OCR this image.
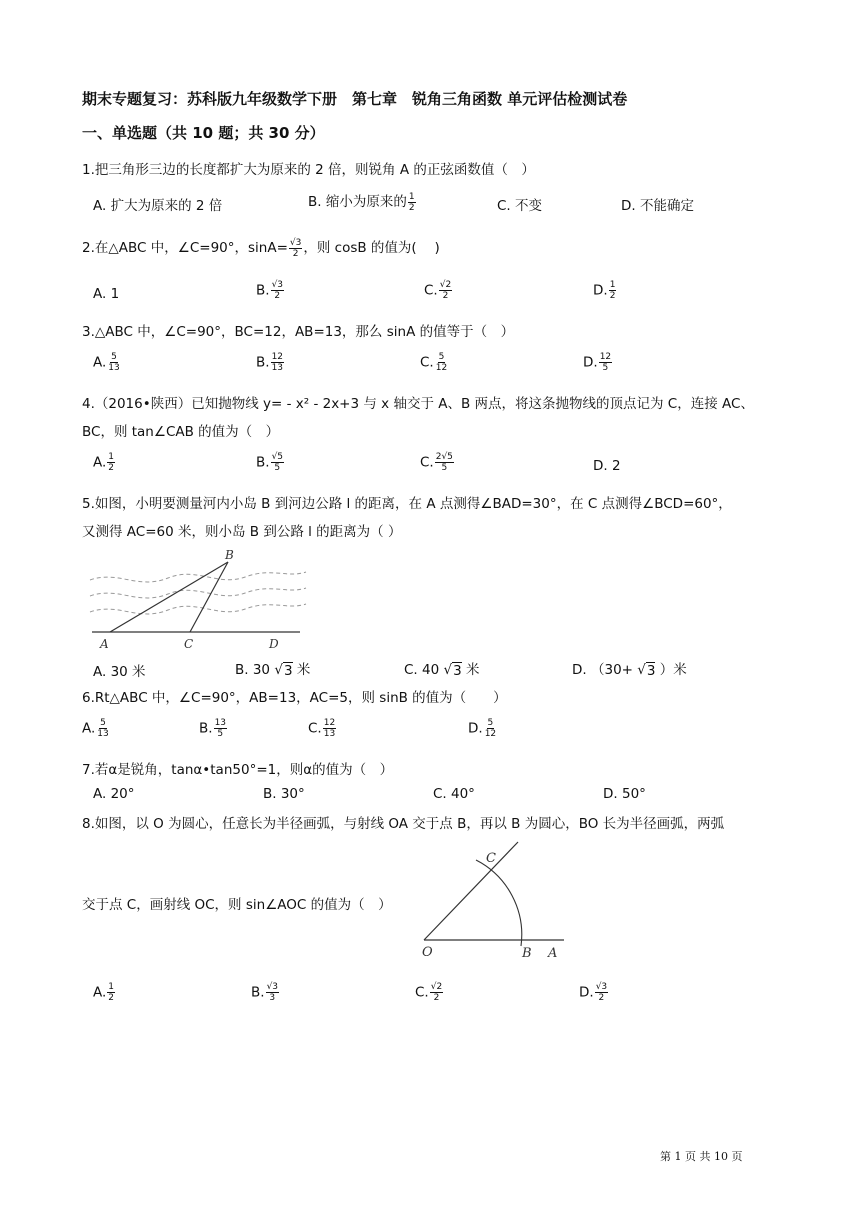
期末专题复习：苏科版九年级数学下册　第七章　锐角三角函数 单元评估检测试卷
一、单选题（共 10 题；共 30 分）
1.把三角形三边的长度都扩大为原来的 2 倍，则锐角 A 的正弦函数值（　）
A. 扩大为原来的 2 倍	B. 缩小为原来的 $\frac{1}{2}$	C. 不变	D. 不能确定
2.在△ABC 中，∠C=90°，$\sin A= \frac{√3}{2}$ ，则 cosB 的值为(　 )
A. 1	B. $\frac{√3}{2}$	C. $\frac{√2}{2}$	D. $\frac{1}{2}$
3.△ABC 中，∠C=90°，BC=12，AB=13，那么 sinA 的值等于（　）
A. $\frac{5}{13}$	B. $\frac{12}{13}$	C. $\frac{5}{12}$	D. $\frac{12}{5}$
4.（2016•陕西）已知抛物线 y= - x² - 2x+3 与 x 轴交于 A、B 两点，将这条抛物线的顶点记为 C，连接 AC、
BC，则 tan∠CAB 的值为（　）
A. $\frac{1}{2}$	B. $\frac{√5}{5}$	C. $\frac{2√5}{5}$	D. 2
5.如图，小明要测量河内小岛 B 到河边公路 l 的距离，在 A 点测得∠BAD=30°，在 C 点测得∠BCD=60°，
又测得 AC=60 米，则小岛 B 到公路 l 的距离为（ ）
A
B
C	D
A. 30 米	B. 30 √ 3 米	C. 40 √ 3 米	D. （30+ √ 3 ）米
6.Rt△ABC 中，∠C=90°，AB=13，AC=5，则 sinB 的值为（　　）
A. $\frac{5}{13}$	B. $\frac{13}{5}$	C. $\frac{12}{13}$	D. $\frac{5}{12}$
7.若α是锐角，tanα•tan50°=1，则α的值为（　）
A. 20°	B. 30°	C. 40°	D. 50°
8.如图，以 O 为圆心，任意长为半径画弧，与射线 OA 交于点 B，再以 B 为圆心，BO 长为半径画弧，两弧
交于点 C，画射线 OC，则 sin∠AOC 的值为（　）
O	B A
C
A. $\frac{1}{2}$	B. $\frac{√3}{3}$	C. $\frac{√2}{2}$	D. $\frac{√3}{2}$
第 1 页 共 10 页
